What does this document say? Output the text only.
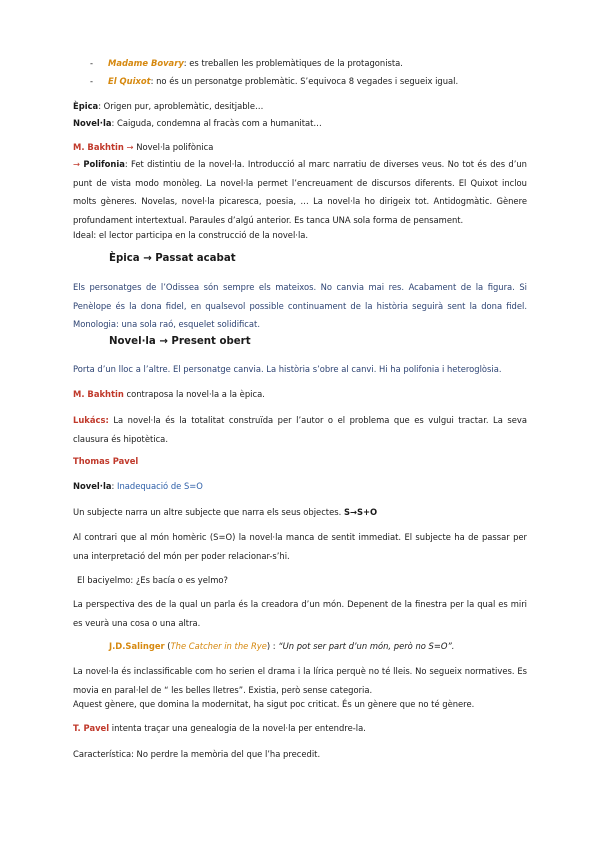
- Madame Bovary: es treballen les problemàtiques de la protagonista.
- El Quixot: no és un personatge problemàtic. S’equivoca 8 vegades i segueix igual.

Èpica: Origen pur, aproblemàtic, desitjable…

Novel·la: Caiguda, condemna al fracàs com a humanitat…

M. Bakhtin → Novel·la polifònica

→ Polifonia: Fet distintiu de la novel·la. Introducció al marc narratiu de diverses veus. No tot és des d’un punt de vista modo monòleg. La novel·la permet l’encreuament de discursos diferents. El Quixot inclou molts gèneres. Novelas, novel·la picaresca, poesia, … La novel·la ho dirigeix tot. Antidogmàtic. Gènere profundament intertextual. Paraules d’algú anterior. Es tanca UNA sola forma de pensament.

Ideal: el lector participa en la construcció de la novel·la.

Èpica → Passat acabat

Els personatges de l’Odissea són sempre els mateixos. No canvia mai res. Acabament de la figura. Si Penèlope és la dona fidel, en qualsevol possible continuament de la història seguirà sent la dona fidel. Monologia: una sola raó, esquelet solidificat.

Novel·la → Present obert

Porta d’un lloc a l’altre. El personatge canvia. La història s’obre al canvi. Hi ha polifonia i heteroglòsia.

M. Bakhtin contraposa la novel·la a la èpica.

Lukács: La novel·la és la totalitat construïda per l’autor o el problema que es vulgui tractar. La seva clausura és hipotètica.

Thomas Pavel

Novel·la: Inadequació de S=O

Un subjecte narra un altre subjecte que narra els seus objectes. S→S+O

Al contrari que al món homèric (S=O) la novel·la manca de sentit immediat. El subjecte ha de passar per una interpretació del món per poder relacionar-s’hi.

El baciyelmo: ¿Es bacía o es yelmo?

La perspectiva des de la qual un parla és la creadora d’un món. Depenent de la finestra per la qual es miri es veurà una cosa o una altra.

J.D.Salinger (The Catcher in the Rye) : “Un pot ser part d’un món, però no S=O”.

La novel·la és inclassificable com ho serien el drama i la lírica perquè no té lleis. No segueix normatives. Es movia en paral·lel de “ les belles lletres”. Existia, però sense categoria.

Aquest gènere, que domina la modernitat, ha sigut poc criticat. És un gènere que no té gènere.

T. Pavel intenta traçar una genealogia de la novel·la per entendre-la.

Característica: No perdre la memòria del que l’ha precedit.
